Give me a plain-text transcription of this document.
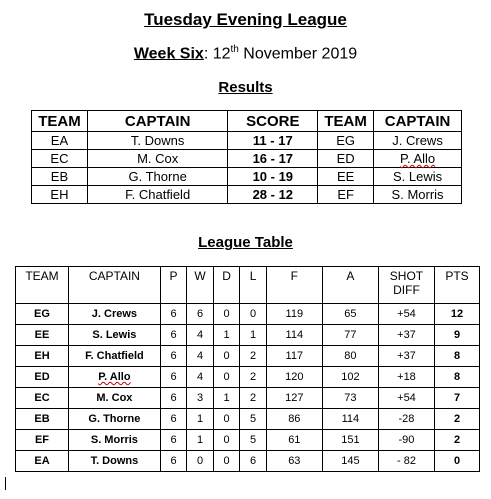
Tuesday Evening League
Week Six: 12th November 2019
Results
TEAM	CAPTAIN	SCORE	TEAM	CAPTAIN
EA	T. Downs	11 - 17	EG	J. Crews
EC	M. Cox	16 - 17	ED	P. Allo
EB	G. Thorne	10 - 19	EE	S. Lewis
EH	F. Chatfield	28 - 12	EF	S. Morris
League Table
TEAM	CAPTAIN	P	W	D	L	F	A	SHOT DIFF	PTS
EG	J. Crews	6	6	0	0	119	65	+54	12
EE	S. Lewis	6	4	1	1	114	77	+37	9
EH	F. Chatfield	6	4	0	2	117	80	+37	8
ED	P. Allo	6	4	0	2	120	102	+18	8
EC	M. Cox	6	3	1	2	127	73	+54	7
EB	G. Thorne	6	1	0	5	86	114	-28	2
EF	S. Morris	6	1	0	5	61	151	-90	2
EA	T. Downs	6	0	0	6	63	145	- 82	0
